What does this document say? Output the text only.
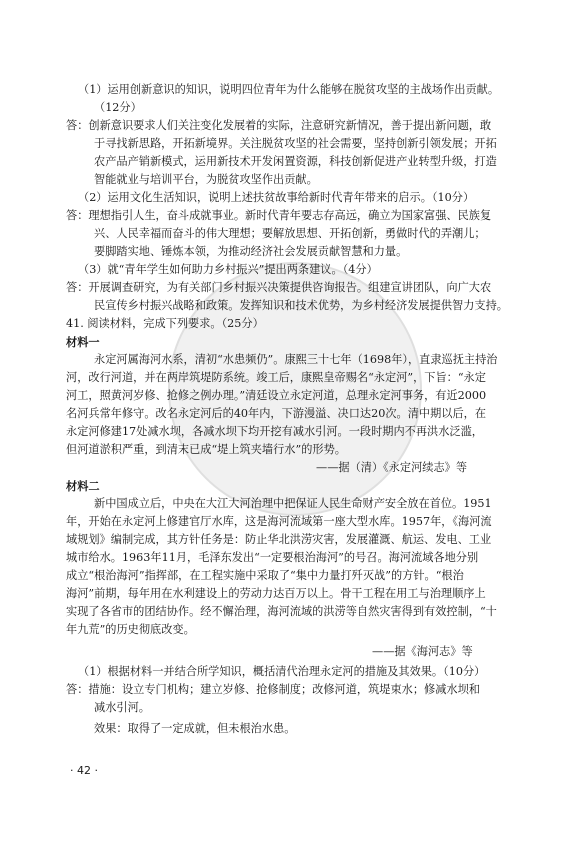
（1）运用创新意识的知识，说明四位青年为什么能够在脱贫攻坚的主战场作出贡献。
（12分）
答：创新意识要求人们关注变化发展着的实际，注意研究新情况，善于提出新问题，敢
于寻找新思路，开拓新境界。关注脱贫攻坚的社会需要，坚持创新引领发展；开拓
农产品产销新模式，运用新技术开发闲置资源，科技创新促进产业转型升级，打造
智能就业与培训平台，为脱贫攻坚作出贡献。
（2）运用文化生活知识，说明上述扶贫故事给新时代青年带来的启示。（10分）
答：理想指引人生，奋斗成就事业。新时代青年要志存高远，确立为国家富强、民族复
兴、人民幸福而奋斗的伟大理想；要解放思想、开拓创新，勇做时代的弄潮儿；
要脚踏实地、锤炼本领，为推动经济社会发展贡献智慧和力量。
（3）就“青年学生如何助力乡村振兴”提出两条建议。（4分）
答：开展调查研究，为有关部门乡村振兴决策提供咨询报告。组建宣讲团队，向广大农
民宣传乡村振兴战略和政策。发挥知识和技术优势，为乡村经济发展提供智力支持。
41. 阅读材料，完成下列要求。（25分）
材料一
永定河属海河水系，清初“水患频仍”。康熙三十七年（1698年），直隶巡抚主持治
河，改行河道，并在两岸筑堤防系统。竣工后，康熙皇帝赐名“永定河”，下旨：“永定
河工，照黄河岁修、抢修之例办理。”清廷设立永定河道，总理永定河事务，有近2000
名河兵常年修守。改名永定河后的40年内，下游漫溢、决口达20次。清中期以后，在
永定河修建17处减水坝，各减水坝下均开挖有减水引河。一段时期内不再洪水泛滥，
但河道淤积严重，到清末已成“堤上筑夹墙行水”的形势。
——据（清）《永定河续志》等
材料二
新中国成立后，中央在大江大河治理中把保证人民生命财产安全放在首位。1951
年，开始在永定河上修建官厅水库，这是海河流域第一座大型水库。1957年，《海河流
域规划》编制完成，其方针任务是：防止华北洪涝灾害，发展灌溉、航运、发电、工业
城市给水。1963年11月，毛泽东发出“一定要根治海河”的号召。海河流域各地分别
成立“根治海河”指挥部，在工程实施中采取了“集中力量打歼灭战”的方针。“根治
海河”前期，每年用在水利建设上的劳动力达百万以上。骨干工程在用工与治理顺序上
实现了各省市的团结协作。经不懈治理，海河流域的洪涝等自然灾害得到有效控制，“十
年九荒”的历史彻底改变。
——据《海河志》等
（1）根据材料一并结合所学知识，概括清代治理永定河的措施及其效果。（10分）
答：措施：设立专门机构；建立岁修、抢修制度；改修河道，筑堤束水；修减水坝和
减水引河。
效果：取得了一定成就，但未根治水患。
· 42 ·
